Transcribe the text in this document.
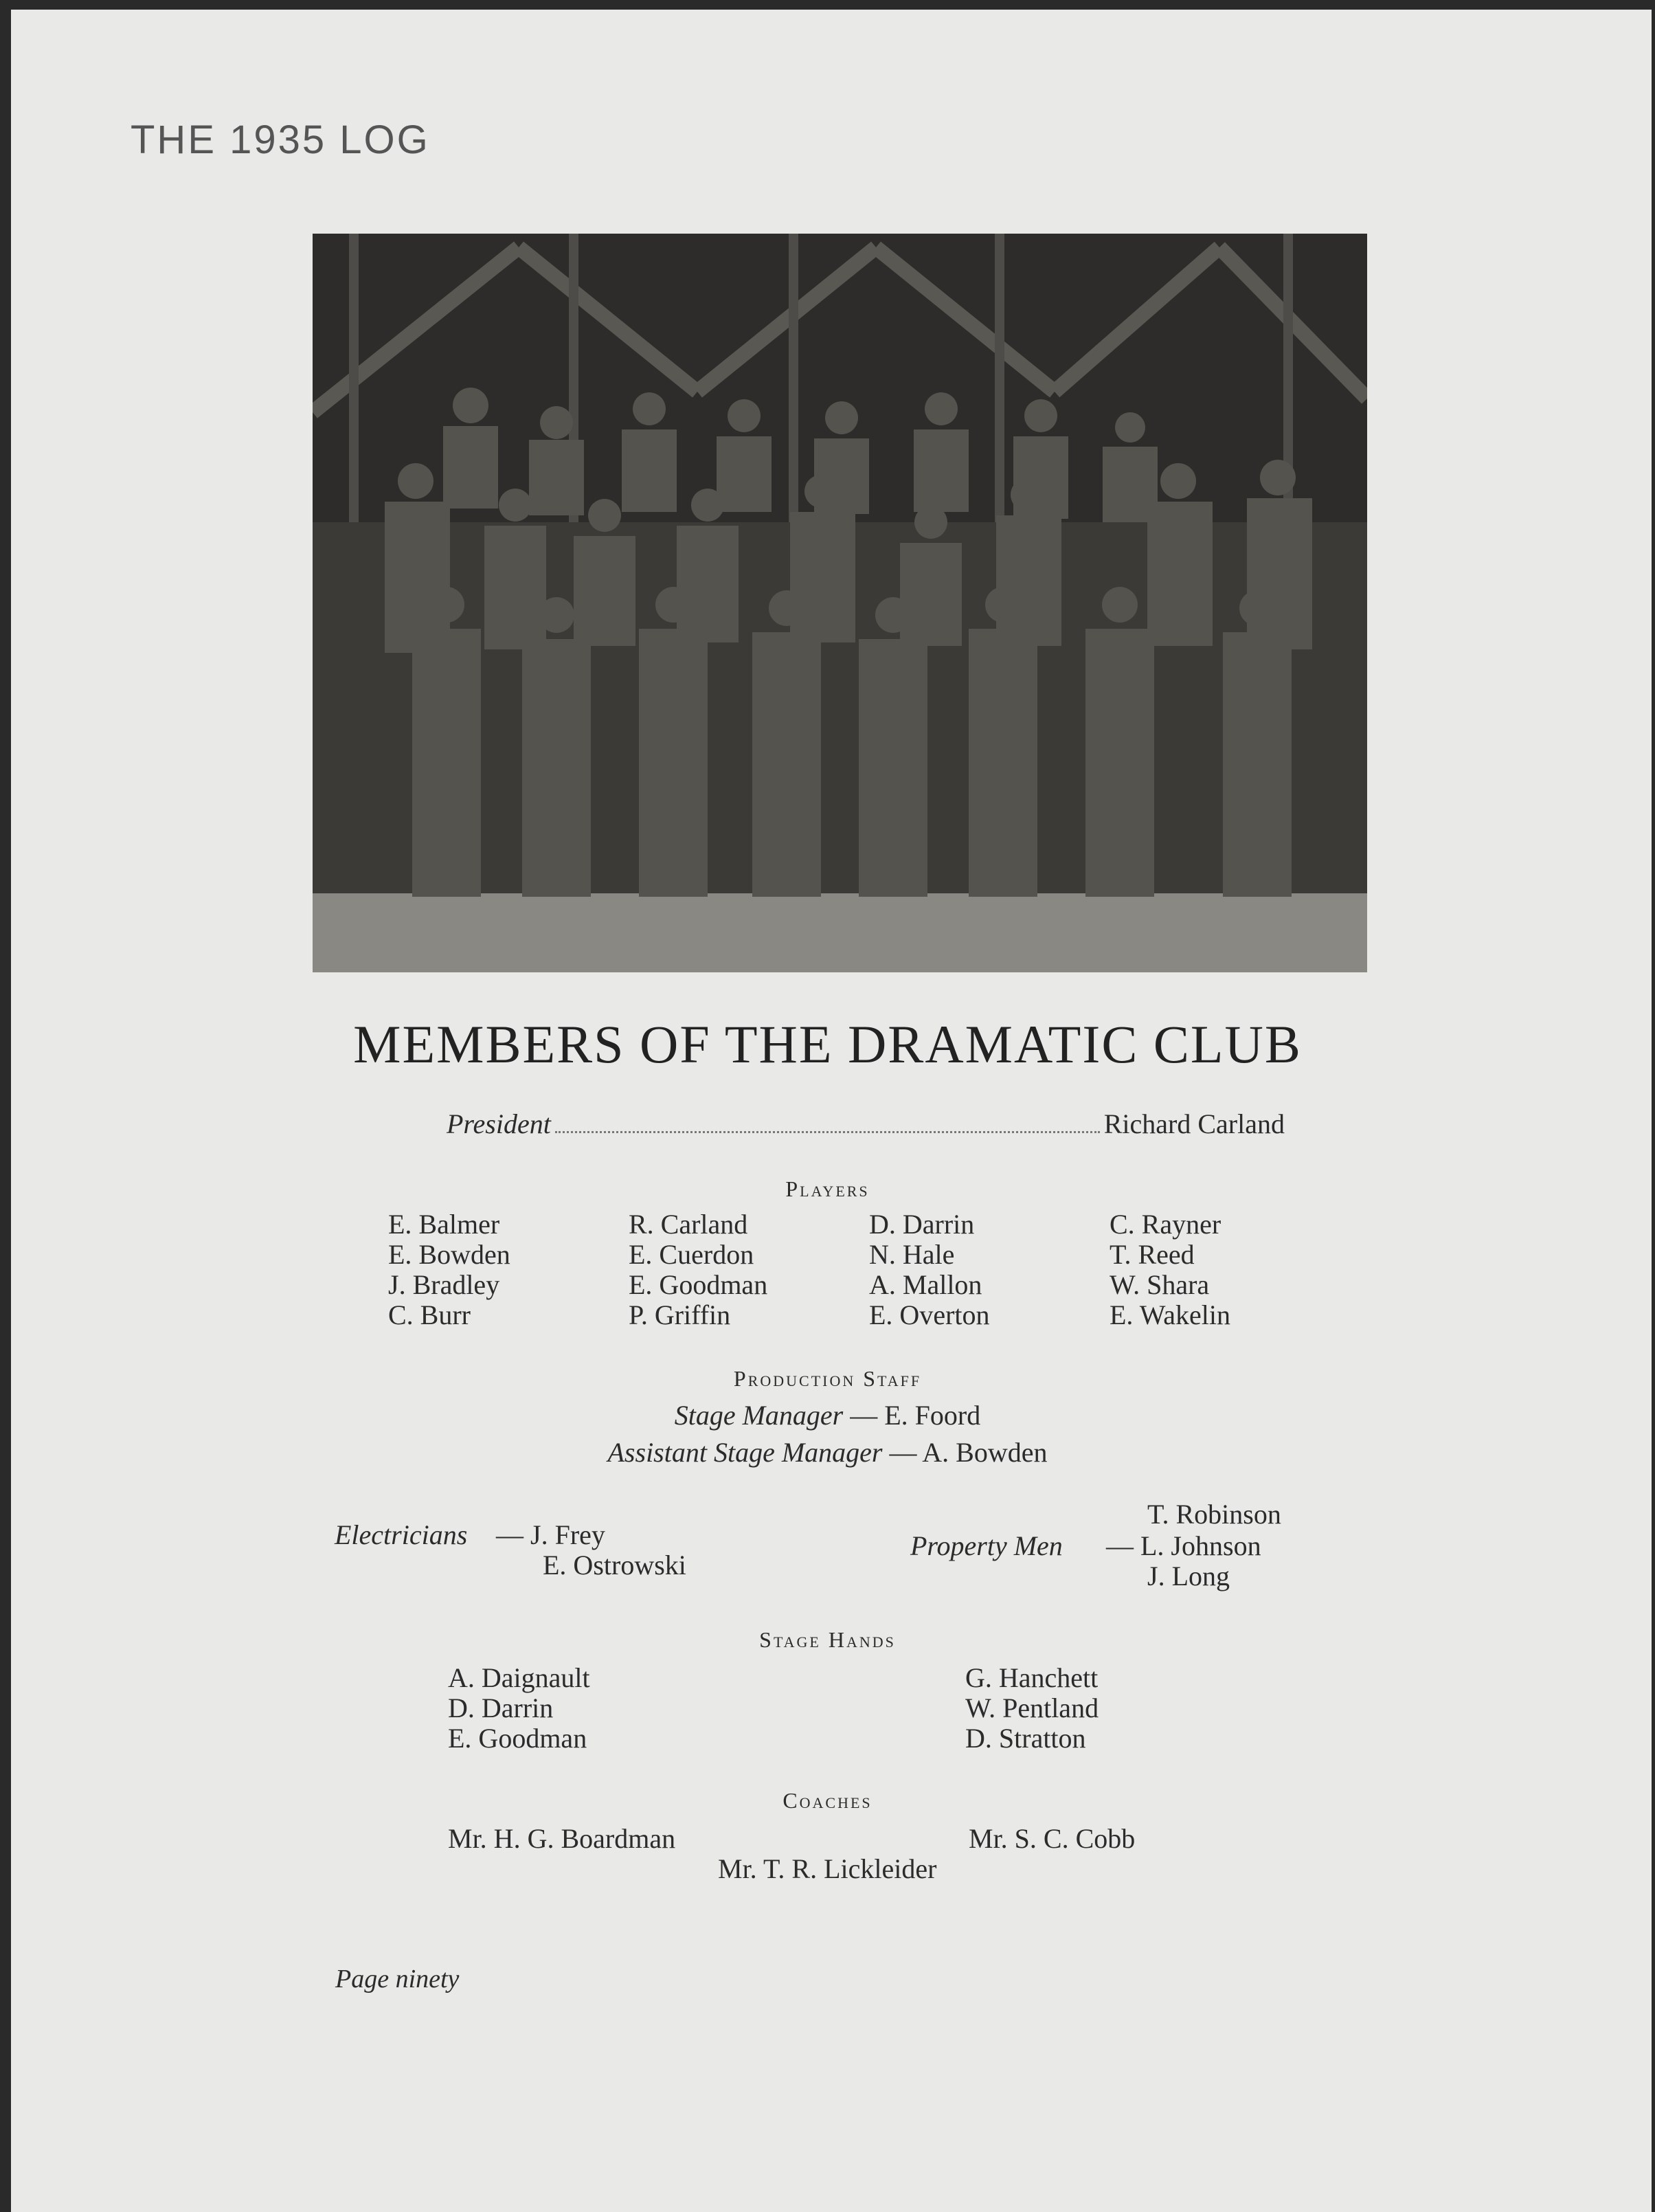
THE 1935 LOG
MEMBERS OF THE DRAMATIC CLUB
President	Richard Carland
Players
E. Balmer
E. Bowden
J. Bradley
C. Burr
R. Carland
E. Cuerdon
E. Goodman
P. Griffin
D. Darrin
N. Hale
A. Mallon
E. Overton
C. Rayner
T. Reed
W. Shara
E. Wakelin
Production Staff
Stage Manager — E. Foord
Assistant Stage Manager — A. Bowden
Electricians — J. Frey
E. Ostrowski
T. Robinson
Property Men — L. Johnson
J. Long
Stage Hands
A. Daignault
D. Darrin
E. Goodman
G. Hanchett
W. Pentland
D. Stratton
Coaches
Mr. H. G. Boardman	Mr. S. C. Cobb
Mr. T. R. Lickleider
Page ninety
